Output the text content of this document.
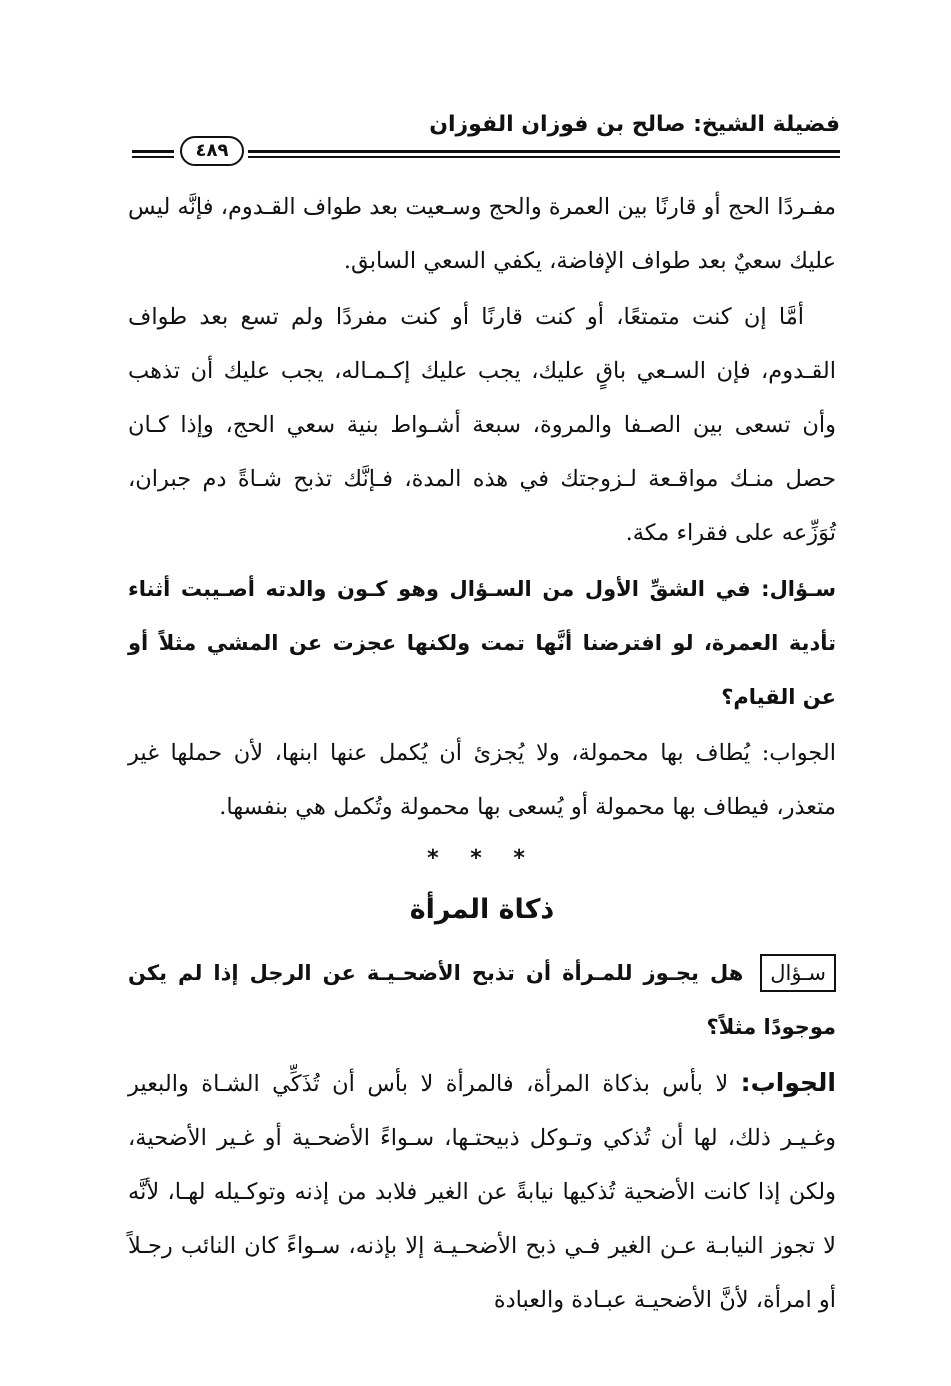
فضيلة الشيخ: صالح بن فوزان الفوزان
٤٨٩

مفـردًا الحج أو قارنًا بين العمرة والحج وسـعيت بعد طواف القـدوم، فإنَّه ليس عليك سعيٌ بعد طواف الإفاضة، يكفي السعي السابق.

أمَّا إن كنت متمتعًا، أو كنت قارنًا أو كنت مفردًا ولم تسع بعد طواف القـدوم، فإن السـعي باقٍ عليك، يجب عليك إكـمـاله، يجب عليك أن تذهب وأن تسعى بين الصـفا والمروة، سبعة أشـواط بنية سعي الحج، وإذا كـان حصل منـك مواقـعة لـزوجتك في هذه المدة، فـإنَّك تذبح شـاةً دم جبران، تُوَزِّعه على فقراء مكة.

سـؤال: في الشقِّ الأول من السـؤال وهو كـون والدته أصـيبت أثناء تأدية العمرة، لو افترضنا أنَّها تمت ولكنها عجزت عن المشي مثلاً أو عن القيام؟

الجواب: يُطاف بها محمولة، ولا يُجزئ أن يُكمل عنها ابنها، لأن حملها غير متعذر، فيطاف بها محمولة أو يُسعى بها محمولة وتُكمل هي بنفسها.

* * *
ذكاة المرأة

سـؤال هل يجـوز للمـرأة أن تذبح الأضحـيـة عن الرجل إذا لم يكن موجودًا مثلاً؟

الجواب: لا بأس بذكاة المرأة، فالمرأة لا بأس أن تُذَكِّي الشـاة والبعير وغـيـر ذلك، لها أن تُذكي وتـوكل ذبيحتـها، سـواءً الأضحـية أو غـير الأضحية، ولكن إذا كانت الأضحية تُذكيها نيابةً عن الغير فلابد من إذنه وتوكـيله لهـا، لأنَّه لا تجوز النيابـة عـن الغير فـي ذبح الأضحـيـة إلا بإذنه، سـواءً كان النائب رجـلاً أو امرأة، لأنَّ الأضحيـة عبـادة والعبادة
